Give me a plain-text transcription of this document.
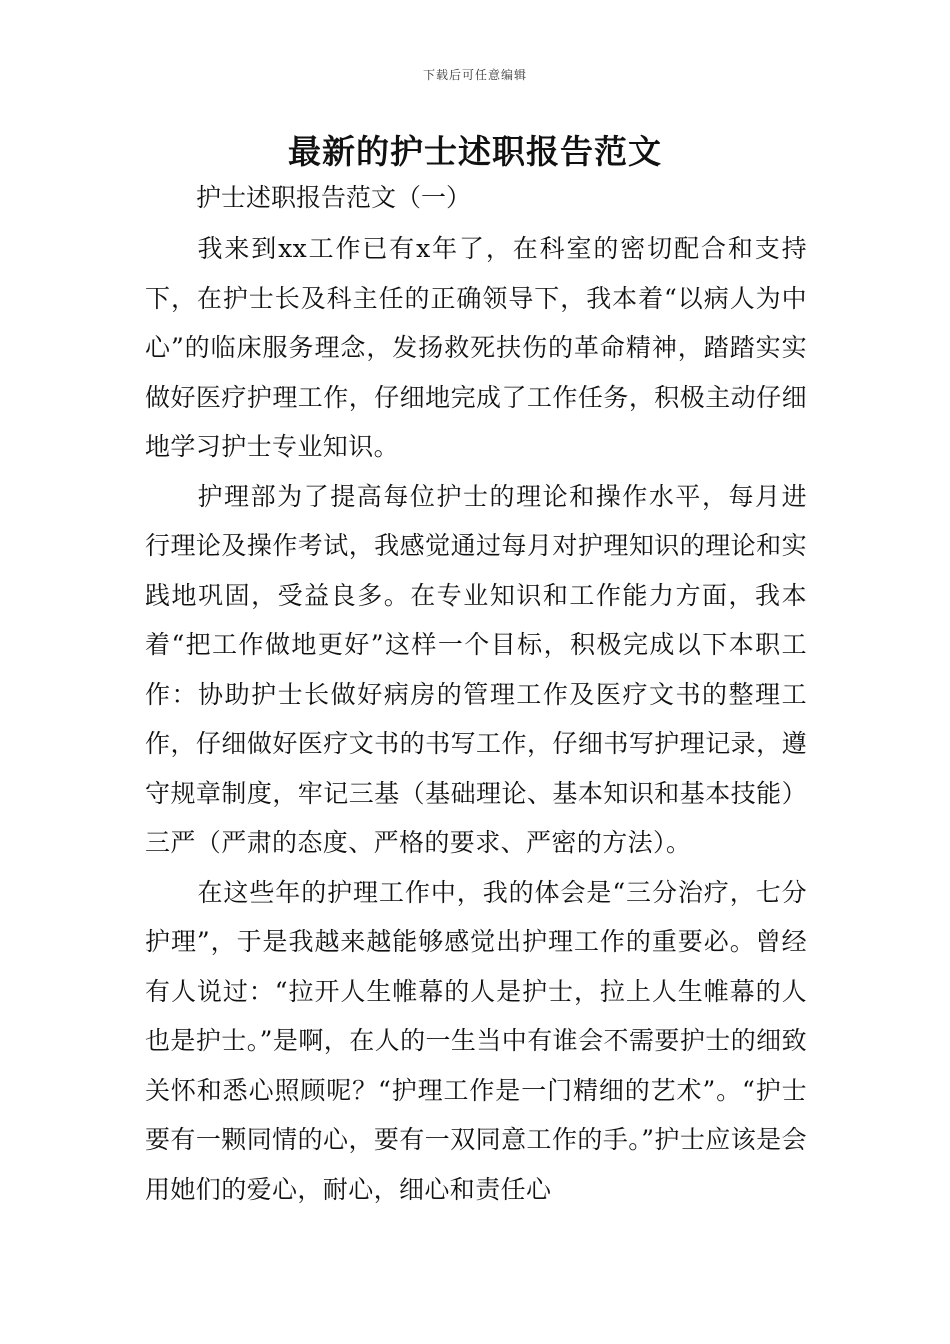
下载后可任意编辑
最新的护士述职报告范文

护士述职报告范文（一）

我来到xx工作已有x年了，在科室的密切配合和支持下，在护士长及科主任的正确领导下，我本着“以病人为中心”的临床服务理念，发扬救死扶伤的革命精神，踏踏实实做好医疗护理工作，仔细地完成了工作任务，积极主动仔细地学习护士专业知识。

护理部为了提高每位护士的理论和操作水平，每月进行理论及操作考试，我感觉通过每月对护理知识的理论和实践地巩固，受益良多。在专业知识和工作能力方面，我本着“把工作做地更好”这样一个目标，积极完成以下本职工作：协助护士长做好病房的管理工作及医疗文书的整理工作，仔细做好医疗文书的书写工作，仔细书写护理记录，遵守规章制度，牢记三基（基础理论、基本知识和基本技能）三严（严肃的态度、严格的要求、严密的方法）。

在这些年的护理工作中，我的体会是“三分治疗，七分护理”，于是我越来越能够感觉出护理工作的重要必。曾经有人说过：“拉开人生帷幕的人是护士，拉上人生帷幕的人也是护士。”是啊，在人的一生当中有谁会不需要护士的细致关怀和悉心照顾呢？“护理工作是一门精细的艺术”。“护士要有一颗同情的心，要有一双同意工作的手。”护士应该是会用她们的爱心，耐心，细心和责任心
